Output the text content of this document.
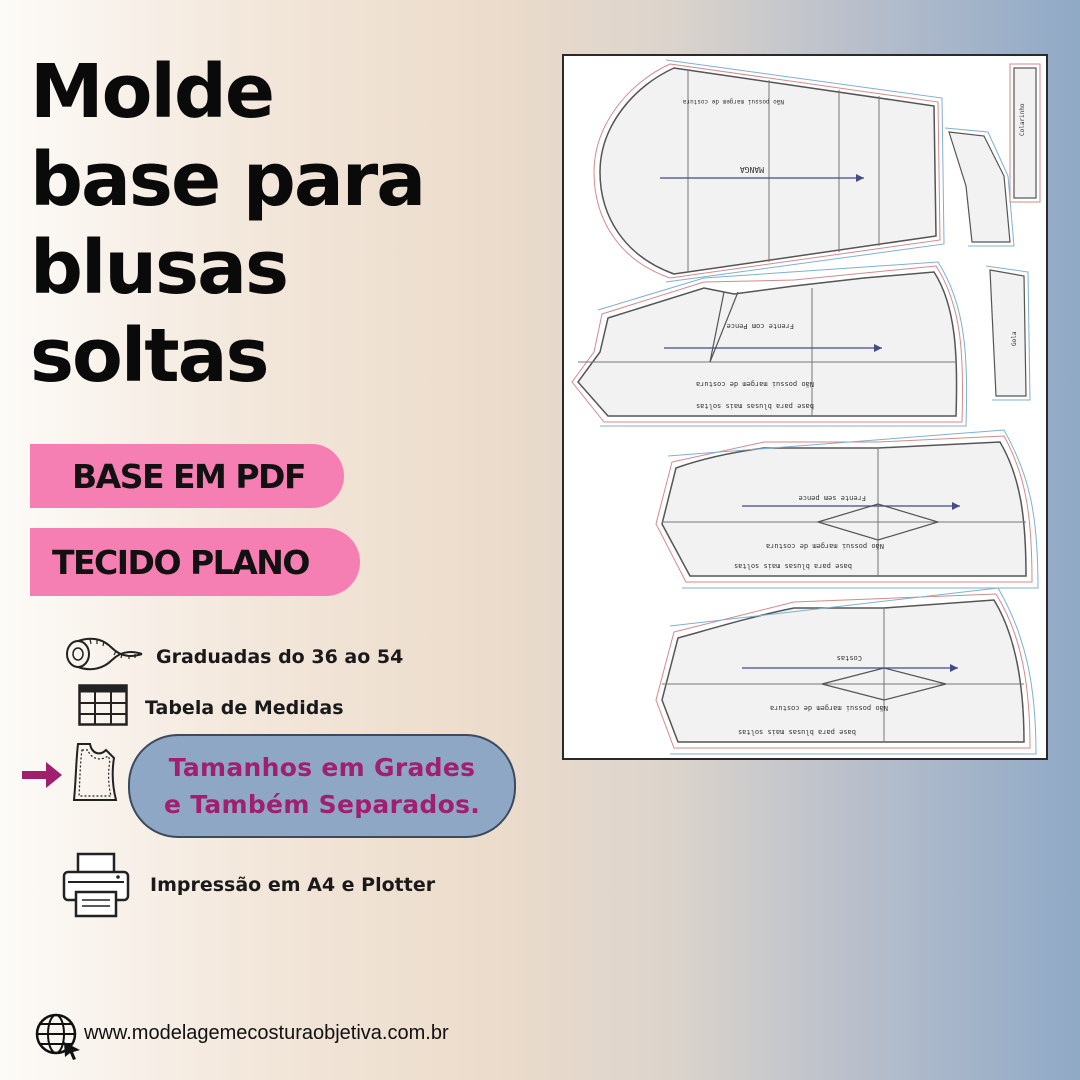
Molde
base para
blusas
soltas
BASE EM PDF
TECIDO PLANO
Graduadas do 36 ao 54
Tabela de Medidas
Tamanhos em Grades
e Também Separados.
Impressão em A4 e Plotter
www.modelagemecosturaobjetiva.com.br
MANGA
Não possui margem de costura
Colarinho
Gola
Frente com Pence
Não possui margem de costura
base para blusas mais soltas
Frente sem pence
Não possui margem de costura
base para blusas mais soltas
Costas
Não possui margem de costura
base para blusas mais soltas
